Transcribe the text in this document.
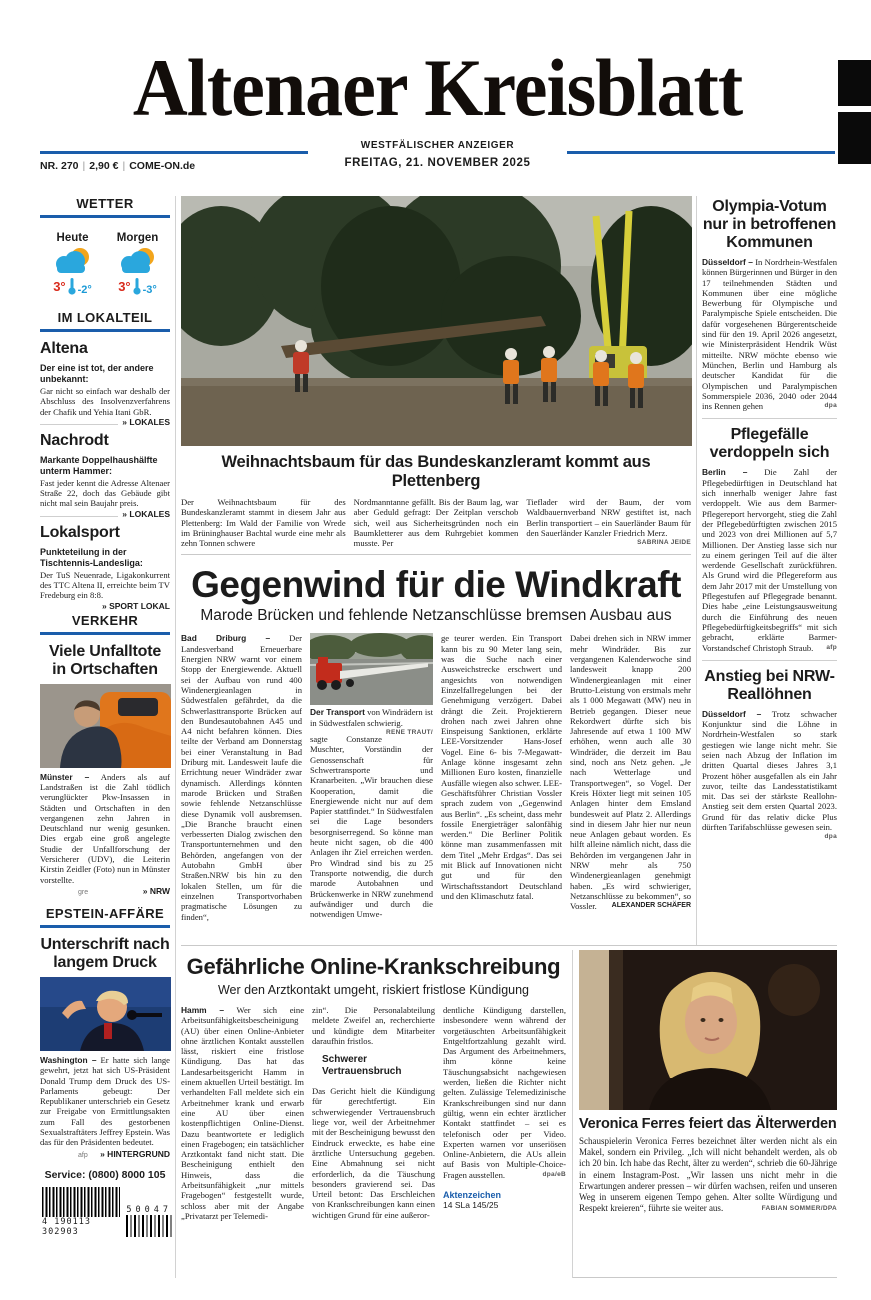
Altenaer Kreisblatt
WESTFÄLISCHER ANZEIGER
FREITAG, 21. NOVEMBER 2025
NR. 270 | 2,90 € | COME-ON.de
WETTER
Heute
3° -2°
Morgen
3° -3°
IM LOKALTEIL
Altena

Der eine ist tot, der andere unbekannt:

Gar nicht so einfach war deshalb der Abschluss des Insolvenzverfahrens der Chafik und Yehia Itani GbR.
» LOKALES

Nachrodt

Markante Doppelhaushälfte unterm Hammer:

Fast jeder kennt die Adresse Altenaer Straße 22, doch das Gebäude gibt nicht mal sein Baujahr preis.
» LOKALES

Lokalsport

Punkteteilung in der Tischtennis-Landesliga:

Der TuS Neuenrade, Ligakonkurrent des TTC Altena II, erreichte beim TV Fredeburg ein 8:8.
» SPORT LOKAL

VERKEHR
Viele Unfalltote in Ortschaften

Münster – Anders als auf Landstraßen ist die Zahl tödlich verunglückter Pkw-Insassen in Städten und Ortschaften in den vergangenen zehn Jahren in Deutschland nur wenig gesunken. Dies ergab eine groß angelegte Studie der Unfallforschung der Versicherer (UDV), die Leiterin Kirstin Zeidler (Foto) nun in Münster vorstellte.

gre	» NRW
EPSTEIN-AFFÄRE
Unterschrift nach langem Druck

Washington – Er hatte sich lange gewehrt, jetzt hat sich US-Präsident Donald Trump dem Druck des US-Parlaments gebeugt: Der Republikaner unterschrieb ein Gesetz zur Freigabe von Ermittlungsakten zum Fall des gestorbenen Sexualstraftäters Jeffrey Epstein. Was das für den Präsidenten bedeutet.

afp	» HINTERGRUND
Service: (0800) 8000 105
4 190113 302903
50047
Weihnachtsbaum für das Bundeskanzleramt kommt aus Plettenberg

Der Weihnachtsbaum für des Bundeskanzleramt stammt in diesem Jahr aus Plettenberg: Im Wald der Familie von Wrede im Brüninghauser Bachtal wurde eine mehr als zehn Tonnen schwere

Nordmanntanne gefällt. Bis der Baum lag, war aber Geduld gefragt: Der Zeitplan verschob sich, weil aus Sicherheitsgründen noch ein Baumkletterer aus dem Ruhrgebiet kommen musste. Per

Tieflader wird der Baum, der vom Waldbauernverband NRW gestiftet ist, nach Berlin transportiert – ein Sauerländer Baum für den Sauerländer Kanzler Friedrich Merz.
SABRINA JEIDE

Gegenwind für die Windkraft
Marode Brücken und fehlende Netzanschlüsse bremsen Ausbau aus

Bad Driburg – Der Landesverband Erneuerbare Energien NRW warnt vor einem Stopp der Energiewende. Aktuell sei der Aufbau von rund 400 Windenergieanlagen in Südwestfalen gefährdet, da die Schwerlasttransporte Brücken auf den Bundesautobahnen A45 und A4 nicht befahren können. Dies teilte der Verband am Donnerstag bei einer Veranstaltung in Bad Driburg mit. Landesweit laufe die Errichtung neuer Windräder zwar dynamisch. Allerdings könnten marode Brücken und Straßen sowie fehlende Netzanschlüsse diese Dynamik voll ausbremsen. „Die Branche braucht einen verbesserten Dialog zwischen den Transportunternehmen und den Behörden, angefangen von der Autobahn GmbH über Straßen.NRW bis hin zu den lokalen Stellen, um für die einzelnen Transportvorhaben pragmatische Lösungen zu finden“,

Der Transport von Windrädern ist in Südwestfalen schwierig.
RENE TRAUT/

sagte Constanze Muschter, Vorständin der Genossenschaft für Schwertransporte und Kranarbeiten. „Wir brauchen diese Kooperation, damit die Energiewende nicht nur auf dem Papier stattfindet.“ In Südwestfalen sei die Lage besonders besorgniserregend. So könne man heute nicht sagen, ob die 400 Anlagen ihr Ziel erreichen werden. Pro Windrad sind bis zu 25 Transporte notwendig, die durch marode Autobahnen und Brückenwerke in NRW zunehmend aufwändiger und durch die notwendigen Umwe-

ge teurer werden. Ein Transport kann bis zu 90 Meter lang sein, was die Suche nach einer Ausweichstrecke erschwert und angesichts von notwendigen Einzelfallregelungen bei der Genehmigung verzögert. Dabei drängt die Zeit. Projektierern drohen nach zwei Jahren ohne Einspeisung Sanktionen, erklärte LEE-Vorsitzender Hans-Josef Vogel. Eine 6- bis 7-Megawatt-Anlage könne insgesamt zehn Millionen Euro kosten, finanzielle Ausfälle wiegen also schwer. LEE-Geschäftsführer Christian Vossler sprach zudem von „Gegenwind aus Berlin“. „Es scheint, dass mehr fossile Energieträger salonfähig werden.“ Die Berliner Politik könne man zusammenfassen mit dem Titel „Mehr Erdgas“. Das sei mit Blick auf Innovationen nicht gut und für den Wirtschaftsstandort Deutschland und den Klimaschutz fatal.

Dabei drehen sich in NRW immer mehr Windräder. Bis zur vergangenen Kalenderwoche sind landesweit knapp 200 Windenergieanlagen mit einer Brutto-Leistung von erstmals mehr als 1 000 Megawatt (MW) neu in Betrieb gegangen. Dieser neue Rekordwert dürfte sich bis Jahresende auf etwa 1 100 MW erhöhen, wenn auch alle 30 Windräder, die derzeit im Bau sind, noch ans Netz gehen. „Je nach Wetterlage und Transportwegen“, so Vogel. Der Kreis Höxter liegt mit seinen 105 Anlagen hinter dem Emsland bundesweit auf Platz 2. Allerdings sind in diesem Jahr hier nur neun neue Anlagen gebaut worden. Es hilft alleine nämlich nicht, dass die Behörden im vergangenen Jahr in NRW mehr als 750 Windenergieanlagen genehmigt haben. „Es wird schwieriger, Netzanschlüsse zu bekommen“, so Vossler.	ALEXANDER SCHÄFER

Olympia-Votum nur in betroffenen Kommunen

Düsseldorf – In Nordrhein-Westfalen können Bürgerinnen und Bürger in den 17 teilnehmenden Städten und Kommunen über eine mögliche Bewerbung für Olympische und Paralympische Spiele entscheiden. Die dafür vorgesehenen Bürgerentscheide sind für den 19. April 2026 angesetzt, wie Ministerpräsident Hendrik Wüst mitteilte. NRW möchte ebenso wie München, Berlin und Hamburg als deutscher Kandidat für die Olympischen und Paralympischen Sommerspiele 2036, 2040 oder 2044 ins Rennen gehen	dpa

Pflegefälle verdoppeln sich

Berlin – Die Zahl der Pflegebedürftigen in Deutschland hat sich innerhalb weniger Jahre fast verdoppelt. Wie aus dem Barmer-Pflegereport hervorgeht, stieg die Zahl der Pflegebedürftigten zwischen 2015 und 2023 von drei Millionen auf 5,7 Millionen. Der Anstieg lasse sich nur zu einem geringen Teil auf die älter werdende Gesellschaft zurückführen. Als Grund wird die Pflegereform aus dem Jahr 2017 mit der Umstellung von Pflegestufen auf Pflegegrade benannt. Dies habe „eine Leistungsausweitung durch die Einführung des neuen Pflegebedürftigkeitsbegriffs“ mit sich gebracht, erklärte Barmer-Vorstandschef Christoph Straub.	afp

Anstieg bei NRW-Reallöhnen

Düsseldorf – Trotz schwacher Konjunktur sind die Löhne in Nordrhein-Westfalen so stark gestiegen wie lange nicht mehr. Sie seien nach Abzug der Inflation im dritten Quartal dieses Jahres 3,1 Prozent höher ausgefallen als ein Jahr zuvor, teilte das Landesstatistikamt mit. Das sei der stärkste Reallohn-Anstieg seit dem ersten Quartal 2023. Grund für das relativ dicke Plus dürften Tarifabschlüsse gewesen sein.
dpa

Gefährliche Online-Krankschreibung
Wer den Arztkontakt umgeht, riskiert fristlose Kündigung

Hamm – Wer sich eine Arbeitsunfähigkeitsbescheinigung (AU) über einen Online-Anbieter ohne ärztlichen Kontakt ausstellen lässt, riskiert eine fristlose Kündigung. Das hat das Landesarbeitsgericht Hamm in einem aktuellen Urteil bestätigt. Im verhandelten Fall meldete sich ein Arbeitnehmer krank und erwarb eine AU über einen kostenpflichtigen Online-Dienst. Dazu beantwortete er lediglich einen Fragebogen; ein tatsächlicher Arztkontakt fand nicht statt. Die Bescheinigung enthielt den Hinweis, dass die Arbeitsunfähigkeit „nur mittels Fragebogen“ festgestellt wurde, schloss aber mit der Angabe „Privatarzt per Telemedi-

zin“. Die Personalabteilung meldete Zweifel an, recherchierte und kündigte dem Mitarbeiter daraufhin fristlos.

Schwerer Vertrauensbruch

Das Gericht hielt die Kündigung für gerechtfertigt. Ein schwerwiegender Vertrauensbruch liege vor, weil der Arbeitnehmer mit der Bescheinigung bewusst den Eindruck erweckte, es habe eine ärztliche Untersuchung gegeben. Eine Abmahnung sei nicht erforderlich, da die Täuschung besonders gravierend sei. Das Urteil betont: Das Erschleichen von Krankschreibungen kann einen wichtigen Grund für eine außeror-

dentliche Kündigung darstellen, insbesondere wenn während der vorgetäuschten Arbeitsunfähigkeit Entgeltfortzahlung gezahlt wird. Das Argument des Arbeitnehmers, ihm könne keine Täuschungsabsicht nachgewiesen werden, ließen die Richter nicht gelten. Zulässige Telemedizinische Krankschreibungen sind nur dann gültig, wenn ein echter ärztlicher Kontakt stattfindet – sei es telefonisch oder per Video. Experten warnen vor unseriösen Online-Anbietern, die AUs allein auf Basis von Multiple-Choice-Fragen ausstellen.	dpa/eB

Aktenzeichen

14 SLa 145/25

Veronica Ferres feiert das Älterwerden

Schauspielerin Veronica Ferres bezeichnet älter werden nicht als ein Makel, sondern ein Privileg. „Ich will nicht behandelt werden, als ob ich 20 bin. Ich habe das Recht, älter zu werden“, schrieb die 60-Jährige in einem Instagram-Post. „Wir lassen uns nicht mehr in die Erwartungen anderer pressen – wir dürfen wachsen, reifen und unseren Weg in unserem eigenen Tempo gehen. Alter sollte Würdigung und Respekt kreieren“, führte sie weiter aus.	FABIAN SOMMER/DPA
